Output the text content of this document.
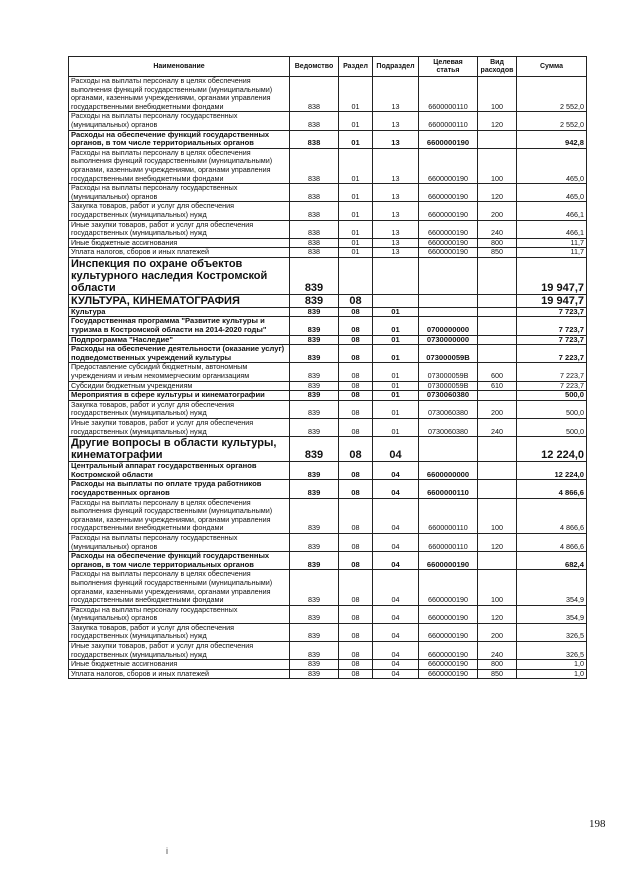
Наименование	Ведомство	Раздел	Подраздел	Целевая статья	Вид расходов	Сумма
Расходы на выплаты персоналу в целях обеспечения выполнения функций государственными (муниципальными) органами, казенными учреждениями, органами управления государственными внебюджетными фондами	838	01	13	6600000110	100	2 552,0
Расходы на выплаты персоналу государственных (муниципальных) органов	838	01	13	6600000110	120	2 552,0
Расходы на обеспечение функций государственных органов, в том числе территориальных органов	838	01	13	6600000190		942,8
Расходы на выплаты персоналу в целях обеспечения выполнения функций государственными (муниципальными) органами, казенными учреждениями, органами управления государственными внебюджетными фондами	838	01	13	6600000190	100	465,0
Расходы на выплаты персоналу государственных (муниципальных) органов	838	01	13	6600000190	120	465,0
Закупка товаров, работ и услуг для обеспечения государственных (муниципальных) нужд	838	01	13	6600000190	200	466,1
Иные закупки товаров, работ и услуг для обеспечения государственных (муниципальных) нужд	838	01	13	6600000190	240	466,1
Иные бюджетные ассигнования	838	01	13	6600000190	800	11,7
Уплата налогов, сборов и иных платежей	838	01	13	6600000190	850	11,7
Инспекция по охране объектов культурного наследия Костромской области	839					19 947,7
КУЛЬТУРА, КИНЕМАТОГРАФИЯ	839	08				19 947,7
Культура	839	08	01			7 723,7
Государственная программа "Развитие культуры и туризма в Костромской области на 2014-2020 годы"	839	08	01	0700000000		7 723,7
Подпрограмма "Наследие"	839	08	01	0730000000		7 723,7
Расходы на обеспечение деятельности (оказание услуг) подведомственных учреждений культуры	839	08	01	073000059В		7 223,7
Предоставление субсидий бюджетным, автономным учреждениям и иным некоммерческим организациям	839	08	01	073000059В	600	7 223,7
Субсидии бюджетным учреждениям	839	08	01	073000059В	610	7 223,7
Мероприятия в сфере культуры и кинематографии	839	08	01	0730060380		500,0
Закупка товаров, работ и услуг для обеспечения государственных (муниципальных) нужд	839	08	01	0730060380	200	500,0
Иные закупки товаров, работ и услуг для обеспечения государственных (муниципальных) нужд	839	08	01	0730060380	240	500,0
Другие вопросы в области культуры, кинематографии	839	08	04			12 224,0
Центральный аппарат государственных органов Костромской области	839	08	04	6600000000		12 224,0
Расходы на выплаты по оплате труда работников государственных органов	839	08	04	6600000110		4 866,6
Расходы на выплаты персоналу в целях обеспечения выполнения функций государственными (муниципальными) органами, казенными учреждениями, органами управления государственными внебюджетными фондами	839	08	04	6600000110	100	4 866,6
Расходы на выплаты персоналу государственных (муниципальных) органов	839	08	04	6600000110	120	4 866,6
Расходы на обеспечение функций государственных органов, в том числе территориальных органов	839	08	04	6600000190		682,4
Расходы на выплаты персоналу в целях обеспечения выполнения функций государственными (муниципальными) органами, казенными учреждениями, органами управления государственными внебюджетными фондами	839	08	04	6600000190	100	354,9
Расходы на выплаты персоналу государственных (муниципальных) органов	839	08	04	6600000190	120	354,9
Закупка товаров, работ и услуг для обеспечения государственных (муниципальных) нужд	839	08	04	6600000190	200	326,5
Иные закупки товаров, работ и услуг для обеспечения государственных (муниципальных) нужд	839	08	04	6600000190	240	326,5
Иные бюджетные ассигнования	839	08	04	6600000190	800	1,0
Уплата налогов, сборов и иных платежей	839	08	04	6600000190	850	1,0
198
i
